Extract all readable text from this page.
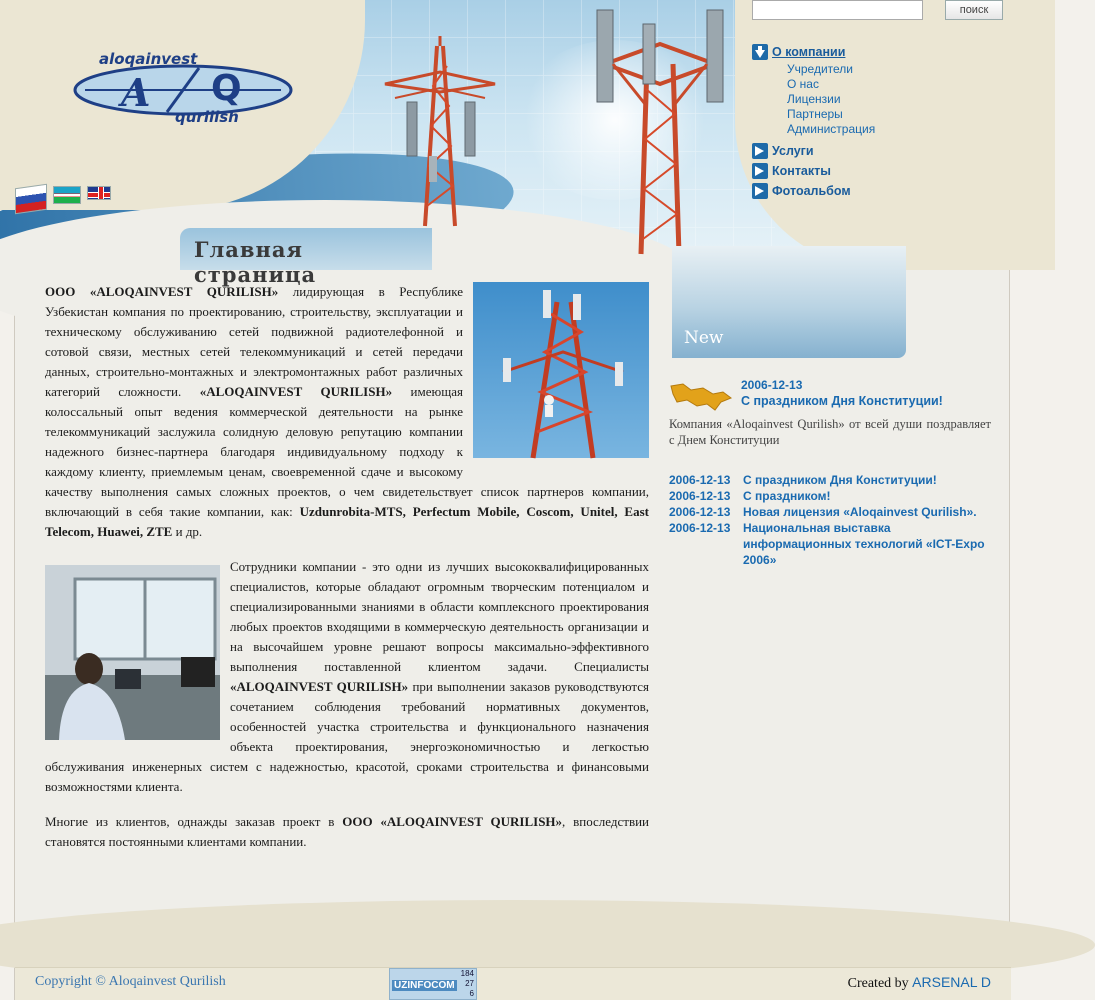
aloqainvest
A Q
qurilish
Главная страница
поиск
О компании
Учредители
О нас
Лицензии
Партнеры
Администрация
Услуги
Контакты
Фотоальбом
New

ООО «ALOQAINVEST QURILISH» лидирующая в Республике Узбекистан компания по проектированию, строительству, эксплуатации и техническому обслуживанию сетей подвижной радиотелефонной и сотовой связи, местных сетей телекоммуникаций и сетей передачи данных, строительно-монтажных и электромонтажных работ различных категорий сложности. «ALOQAINVEST QURILISH» имеющая колоссальный опыт ведения коммерческой деятельности на рынке телекоммуникаций заслужила солидную деловую репутацию компании надежного бизнес-партнера благодаря индивидуальному подходу к каждому клиенту, приемлемым ценам, своевременной сдаче и высокому качеству выполнения самых сложных проектов, о чем свидетельствует список партнеров компании, включающий в себя такие компании, как: Uzdunrobita-MTS, Perfectum Mobile, Coscom, Unitel, East Telecom, Huawei, ZTE и др.

Сотрудники компании - это одни из лучших высококвалифицированных специалистов, которые обладают огромным творческим потенциалом и специализированными знаниями в области комплексного проектирования любых проектов входящими в коммерческую деятельность организации и на высочайшем уровне решают вопросы максимально-эффективного выполнения поставленной клиентом задачи. Специалисты «ALOQAINVEST QURILISH» при выполнении заказов руководствуются сочетанием соблюдения требований нормативных документов, особенностей участка строительства и функционального назначения объекта проектирования, энергоэкономичностью и легкостью обслуживания инженерных систем с надежностью, красотой, сроками строительства и финансовыми возможностями клиента.

Многие из клиентов, однажды заказав проект в ООО «ALOQAINVEST QURILISH», впоследствии становятся постоянными клиентами компании.

2006-12-13
С праздником Дня Конституции!
Компания «Aloqainvest Qurilish» от всей души поздравляет с Днем Конституции
2006-12-13	С праздником Дня Конституции!
2006-12-13	С праздником!
2006-12-13	Новая лицензия «Aloqainvest Qurilish».
2006-12-13	Национальная выставка информационных технологий «ICT-Expo 2006»
Copyright © Aloqainvest Qurilish	UZINFOCOM
184
27
6
Created by ARSENAL D
